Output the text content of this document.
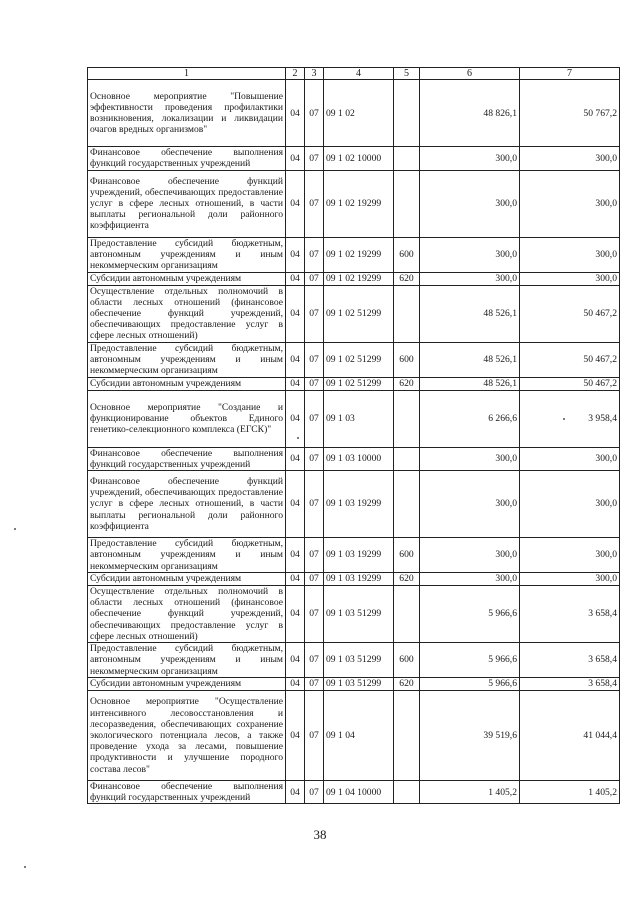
1	2	3	4	5	6	7
Основное мероприятие "Повышение эффективности проведения профилактики возникновения, локализации и ликвидации очагов вредных организмов"	04	07	09 1 02		48 826,1	50 767,2
Финансовое обеспечение выполнения функций государственных учреждений	04	07	09 1 02 10000		300,0	300,0
Финансовое обеспечение функций учреждений, обеспечивающих предоставление услуг в сфере лесных отношений, в части выплаты региональной доли районного коэффициента	04	07	09 1 02 19299		300,0	300,0
Предоставление субсидий бюджетным, автономным учреждениям и иным некоммерческим организациям	04	07	09 1 02 19299	600	300,0	300,0
Субсидии автономным учреждениям	04	07	09 1 02 19299	620	300,0	300,0
Осуществление отдельных полномочий в области лесных отношений (финансовое обеспечение функций учреждений, обеспечивающих предоставление услуг в сфере лесных отношений)	04	07	09 1 02 51299		48 526,1	50 467,2
Предоставление субсидий бюджетным, автономным учреждениям и иным некоммерческим организациям	04	07	09 1 02 51299	600	48 526,1	50 467,2
Субсидии автономным учреждениям	04	07	09 1 02 51299	620	48 526,1	50 467,2
Основное мероприятие "Создание и функционирование объектов Единого генетико-селекционного комплекса (ЕГСК)"	04	07	09 1 03		6 266,6	3 958,4
Финансовое обеспечение выполнения функций государственных учреждений	04	07	09 1 03 10000		300,0	300,0
Финансовое обеспечение функций учреждений, обеспечивающих предоставление услуг в сфере лесных отношений, в части выплаты региональной доли районного коэффициента	04	07	09 1 03 19299		300,0	300,0
Предоставление субсидий бюджетным, автономным учреждениям и иным некоммерческим организациям	04	07	09 1 03 19299	600	300,0	300,0
Субсидии автономным учреждениям	04	07	09 1 03 19299	620	300,0	300,0
Осуществление отдельных полномочий в области лесных отношений (финансовое обеспечение функций учреждений, обеспечивающих предоставление услуг в сфере лесных отношений)	04	07	09 1 03 51299		5 966,6	3 658,4
Предоставление субсидий бюджетным, автономным учреждениям и иным некоммерческим организациям	04	07	09 1 03 51299	600	5 966,6	3 658,4
Субсидии автономным учреждениям	04	07	09 1 03 51299	620	5 966,6	3 658,4
Основное мероприятие "Осуществление интенсивного лесовосстановления и лесоразведения, обеспечивающих сохранение экологического потенциала лесов, а также проведение ухода за лесами, повышение продуктивности и улучшение породного состава лесов"	04	07	09 1 04		39 519,6	41 044,4
Финансовое обеспечение выполнения функций государственных учреждений	04	07	09 1 04 10000		1 405,2	1 405,2
38
